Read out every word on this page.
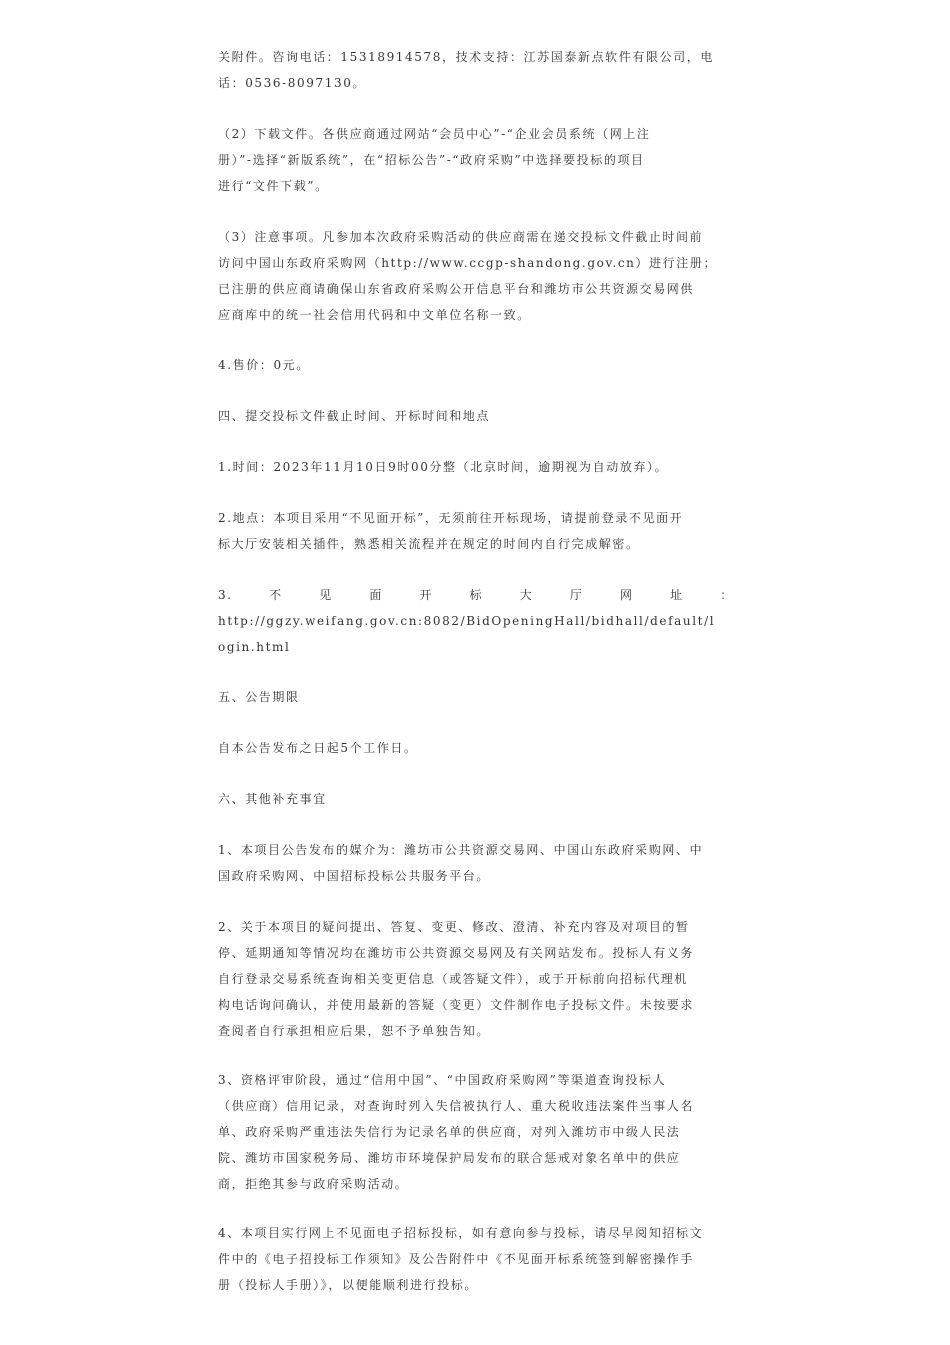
关附件。咨询电话：15318914578，技术支持：江苏国泰新点软件有限公司，电
话：0536-8097130。
（2）下载文件。各供应商通过网站“会员中心”-“企业会员系统（网上注
册）”-选择“新版系统”，在“招标公告”-“政府采购”中选择要投标的项目
进行“文件下载”。
（3）注意事项。凡参加本次政府采购活动的供应商需在递交投标文件截止时间前
访问中国山东政府采购网（http://www.ccgp-shandong.gov.cn）进行注册；
已注册的供应商请确保山东省政府采购公开信息平台和潍坊市公共资源交易网供
应商库中的统一社会信用代码和中文单位名称一致。
4.售价：0元。
四、提交投标文件截止时间、开标时间和地点
1.时间：2023年11月10日9时00分整（北京时间，逾期视为自动放弃）。
2.地点：本项目采用“不见面开标”，无须前往开标现场，请提前登录不见面开
标大厅安装相关插件，熟悉相关流程并在规定的时间内自行完成解密。
3.	不	见	面	开	标	大	厅	网	址	：
http://ggzy.weifang.gov.cn:8082/BidOpeningHall/bidhall/default/l
ogin.html
五、公告期限
自本公告发布之日起5个工作日。
六、其他补充事宜
1、本项目公告发布的媒介为：潍坊市公共资源交易网、中国山东政府采购网、中
国政府采购网、中国招标投标公共服务平台。
2、关于本项目的疑问提出、答复、变更、修改、澄清、补充内容及对项目的暂
停、延期通知等情况均在潍坊市公共资源交易网及有关网站发布。投标人有义务
自行登录交易系统查询相关变更信息（或答疑文件），或于开标前向招标代理机
构电话询问确认，并使用最新的答疑（变更）文件制作电子投标文件。未按要求
查阅者自行承担相应后果，恕不予单独告知。
3、资格评审阶段，通过“信用中国”、“中国政府采购网”等渠道查询投标人
（供应商）信用记录，对查询时列入失信被执行人、重大税收违法案件当事人名
单、政府采购严重违法失信行为记录名单的供应商，对列入潍坊市中级人民法
院、潍坊市国家税务局、潍坊市环境保护局发布的联合惩戒对象名单中的供应
商，拒绝其参与政府采购活动。
4、本项目实行网上不见面电子招标投标，如有意向参与投标，请尽早阅知招标文
件中的《电子招投标工作须知》及公告附件中《不见面开标系统签到解密操作手
册（投标人手册）》，以便能顺利进行投标。
